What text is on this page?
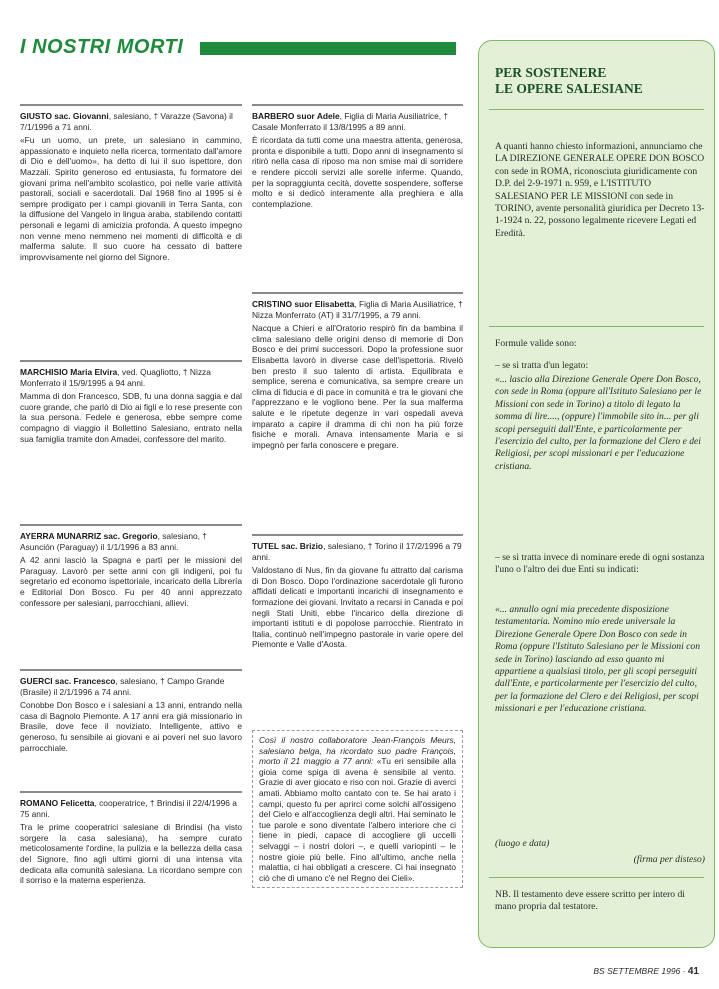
I NOSTRI MORTI

GIUSTO sac. Giovanni, salesiano, † Varazze (Savona) il 7/1/1996 a 71 anni.

«Fu un uomo, un prete, un salesiano in cammino, appassionato e inquieto nella ricerca, tormentato dall'amore di Dio e dell'uomo», ha detto di lui il suo ispettore, don Mazzali. Spirito generoso ed entusiasta, fu formatore dei giovani prima nell'ambito scolastico, poi nelle varie attività pastorali, sociali e sacerdotali. Dal 1968 fino al 1995 si è sempre prodigato per i campi giovanili in Terra Santa, con la diffusione del Vangelo in lingua araba, stabilendo contatti personali e legami di amicizia profonda. A questo impegno non venne meno nemmeno nei momenti di difficoltà e di malferma salute. Il suo cuore ha cessato di battere improvvisamente nel giorno del Signore.

MARCHISIO Maria Elvira, ved. Quagliotto, † Nizza Monferrato il 15/9/1995 a 94 anni.

Mamma di don Francesco, SDB, fu una donna saggia e dal cuore grande, che parlò di Dio ai figli e lo rese presente con la sua persona. Fedele e generosa, ebbe sempre come compagno di viaggio il Bollettino Salesiano, entrato nella sua famiglia tramite don Amadei, confessore del marito.

AYERRA MUNARRIZ sac. Gregorio, salesiano, † Asunción (Paraguay) il 1/1/1996 a 83 anni.

A 42 anni lasciò la Spagna e partì per le missioni del Paraguay. Lavorò per sette anni con gli indigeni, poi fu segretario ed economo ispettoriale, incaricato della Librería e Editorial Don Bosco. Fu per 40 anni apprezzato confessore per salesiani, parrocchiani, allievi.

GUERCI sac. Francesco, salesiano, † Campo Grande (Brasile) il 2/1/1996 a 74 anni.

Conobbe Don Bosco e i salesiani a 13 anni, entrando nella casa di Bagnolo Piemonte. A 17 anni era già missionario in Brasile, dove fece il noviziato. Intelligente, attivo e generoso, fu sensibile ai giovani e ai poveri nel suo lavoro parrocchiale.

ROMANO Felicetta, cooperatrice, † Brindisi il 22/4/1996 a 75 anni.

Tra le prime cooperatrici salesiane di Brindisi (ha visto sorgere la casa salesiana), ha sempre curato meticolosamente l'ordine, la pulizia e la bellezza della casa del Signore, fino agli ultimi giorni di una intensa vita dedicata alla comunità salesiana. La ricordano sempre con il sorriso e la materna esperienza.

BARBERO suor Adele, Figlia di Maria Ausiliatrice, † Casale Monferrato il 13/8/1995 a 89 anni.

È ricordata da tutti come una maestra attenta, generosa, pronta e disponibile a tutti. Dopo anni di insegnamento si ritirò nella casa di riposo ma non smise mai di sorridere e rendere piccoli servizi alle sorelle inferme. Quando, per la sopraggiunta cecità, dovette sospendere, sofferse molto e si dedicò interamente alla preghiera e alla contemplazione.

CRISTINO suor Elisabetta, Figlia di Maria Ausiliatrice, † Nizza Monferrato (AT) il 31/7/1995, a 79 anni.

Nacque a Chieri e all'Oratorio respirò fin da bambina il clima salesiano delle origini denso di memorie di Don Bosco e dei primi successori. Dopo la professione suor Elisabetta lavorò in diverse case dell'ispettoria. Rivelò ben presto il suo talento di artista. Equilibrata e semplice, serena e comunicativa, sa sempre creare un clima di fiducia e di pace in comunità e tra le giovani che l'apprezzano e le vogliono bene. Per la sua malferma salute e le ripetute degenze in vari ospedali aveva imparato a capire il dramma di chi non ha più forze fisiche e morali. Amava intensamente Maria e si impegnò per farla conoscere e pregare.

TUTEL sac. Brizio, salesiano, † Torino il 17/2/1996 a 79 anni.

Valdostano di Nus, fin da giovane fu attratto dal carisma di Don Bosco. Dopo l'ordinazione sacerdotale gli furono affidati delicati e importanti incarichi di insegnamento e formazione dei giovani. Invitato a recarsi in Canada e poi negli Stati Uniti, ebbe l'incarico della direzione di importanti istituti e di popolose parrocchie. Rientrato in Italia, continuò nell'impegno pastorale in varie opere del Piemonte e Valle d'Aosta.

Così il nostro collaboratore Jean-François Meurs, salesiano belga, ha ricordato suo padre François, morto il 21 maggio a 77 anni: «Tu eri sensibile alla gioia come spiga di avena è sensibile al vento. Grazie di aver giocato e riso con noi. Grazie di averci amati. Abbiamo molto cantato con te. Se hai arato i campi, questo fu per aprirci come solchi all'ossigeno del Cielo e all'accoglienza degli altri. Hai seminato le tue parole e sono diventate l'albero interiore che ci tiene in piedi, capace di accogliere gli uccelli selvaggi – i nostri dolori –, e quelli variopinti – le nostre gioie più belle. Fino all'ultimo, anche nella malattia, ci hai obbligati a crescere. Ci hai insegnato ciò che di umano c'è nel Regno dei Cieli».
PER SOSTENERE
LE OPERE SALESIANE

A quanti hanno chiesto informazioni, annunciamo che LA DIREZIONE GENERALE OPERE DON BOSCO con sede in ROMA, riconosciuta giuridicamente con D.P. del 2-9-1971 n. 959, e L'ISTITUTO SALESIANO PER LE MISSIONI con sede in TORINO, avente personalità giuridica per Decreto 13-1-1924 n. 22, possono legalmente ricevere Legati ed Eredità.

Formule valide sono:

– se si tratta d'un legato:

«... lascio alla Direzione Generale Opere Don Bosco, con sede in Roma (oppure all'Istituto Salesiano per le Missioni con sede in Torino) a titolo di legato la somma di lire...., (oppure) l'immobile sito in... per gli scopi perseguiti dall'Ente, e particolarmente per l'esercizio del culto, per la formazione del Clero e dei Religiosi, per scopi missionari e per l'educazione cristiana.

– se si tratta invece di nominare erede di ogni sostanza l'uno o l'altro dei due Enti su indicati:

«... annullo ogni mia precedente disposizione testamentaria. Nomino mio erede universale la Direzione Generale Opere Don Bosco con sede in Roma (oppure l'Istituto Salesiano per le Missioni con sede in Torino) lasciando ad esso quanto mi appartiene a qualsiasi titolo, per gli scopi perseguiti dall'Ente, e particolarmente per l'esercizio del culto, per la formazione del Clero e dei Religiosi, per scopi missionari e per l'educazione cristiana.

(luogo e data)

(firma per disteso)

NB. Il testamento deve essere scritto per intero di mano propria dal testatore.

BS SETTEMBRE 1996 · 41
